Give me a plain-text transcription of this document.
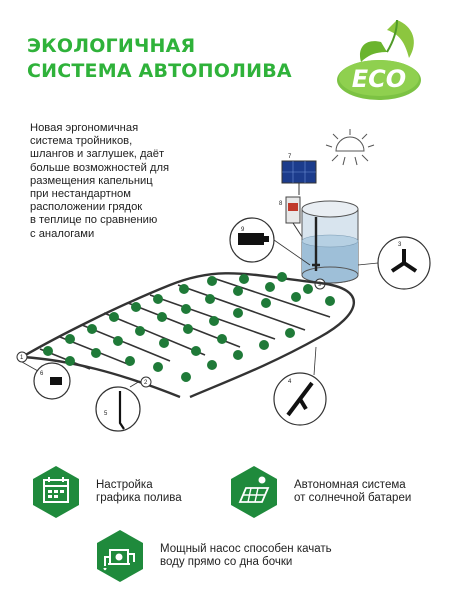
ЭКОЛОГИЧНАЯ
СИСТЕМА АВТОПОЛИВА	ECO
Новая эргономичная
система тройников,
шлангов и заглушек, даёт
больше возможностей для
размещения капельниц
при нестандартном
расположении грядок
в теплице по сравнению
с аналогами
7
8
9
9
3
1
6
5
2	4
Настройка
графика полива
Автономная система
от солнечной батареи
Мощный насос способен качать
воду прямо со дна бочки
